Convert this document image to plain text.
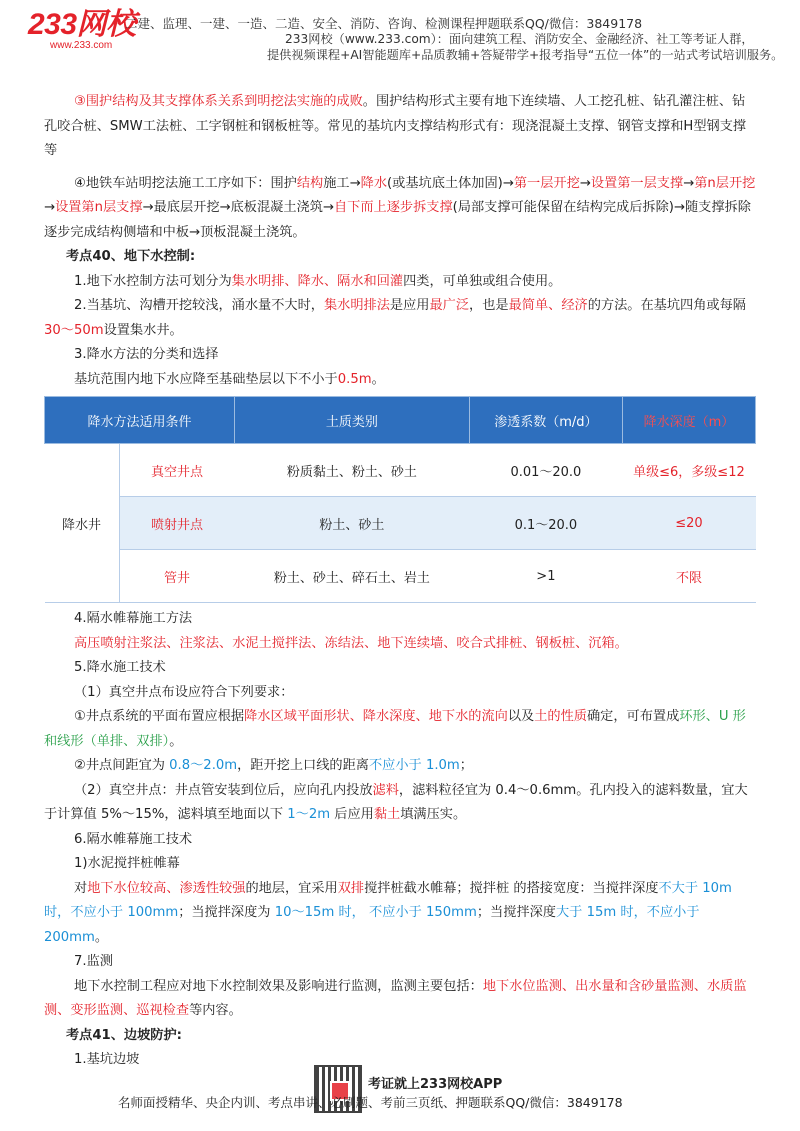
233网校
www.233.com
二建、监理、一建、一造、二造、安全、消防、咨询、检测课程押题联系QQ/微信：3849178
233网校（www.233.com）：面向建筑工程、消防安全、金融经济、社工等考证人群，
提供视频课程+AI智能题库+品质教辅+答疑带学+报考指导“五位一体”的一站式考试培训服务。

③围护结构及其支撑体系关系到明挖法实施的成败。围护结构形式主要有地下连续墙、人工挖孔桩、钻孔灌注桩、钻孔咬合桩、SMW工法桩、工字钢桩和钢板桩等。常见的基坑内支撑结构形式有：现浇混凝土支撑、钢管支撑和H型钢支撑等

④地铁车站明挖法施工工序如下：围护结构施工→降水(或基坑底土体加固)→第一层开挖→设置第一层支撑→第n层开挖→设置第n层支撑→最底层开挖→底板混凝土浇筑→自下而上逐步拆支撑(局部支撑可能保留在结构完成后拆除)→随支撑拆除逐步完成结构侧墙和中板→顶板混凝土浇筑。

考点40、地下水控制:

1.地下水控制方法可划分为集水明排、降水、隔水和回灌四类，可单独或组合使用。

2.当基坑、沟槽开挖较浅，涌水量不大时，集水明排法是应用最广泛，也是最简单、经济的方法。在基坑四角或每隔30～50m设置集水井。

3.降水方法的分类和选择

基坑范围内地下水应降至基础垫层以下不小于0.5m。

降水方法适用条件		土质类别	渗透系数（m/d）	降水深度（m）
降水井	真空井点	粉质黏土、粉土、砂土	0.01～20.0	单级≤6，多级≤12
	喷射井点	粉土、砂土	0.1～20.0	≤20
	管井	粉土、砂土、碎石土、岩土	>1	不限

4.隔水帷幕施工方法

高压喷射注浆法、注浆法、水泥土搅拌法、冻结法、地下连续墙、咬合式排桩、钢板桩、沉箱。

5.降水施工技术

（1）真空井点布设应符合下列要求：

①井点系统的平面布置应根据降水区域平面形状、降水深度、地下水的流向以及土的性质确定，可布置成环形、U 形和线形（单排、双排）。

②井点间距宜为 0.8～2.0m，距开挖上口线的距离不应小于 1.0m；

（2）真空井点：井点管安装到位后，应向孔内投放滤料，滤料粒径宜为 0.4～0.6mm。孔内投入的滤料数量，宜大于计算值 5%～15%，滤料填至地面以下 1～2m 后应用黏土填满压实。

6.隔水帷幕施工技术

1)水泥搅拌桩帷幕

对地下水位较高、渗透性较强的地层，宜采用双排搅拌桩截水帷幕；搅拌桩 的搭接宽度：当搅拌深度不大于 10m 时，不应小于 100mm；当搅拌深度为 10～15m 时， 不应小于 150mm；当搅拌深度大于 15m 时，不应小于 200mm。

7.监测

地下水控制工程应对地下水控制效果及影响进行监测，监测主要包括：地下水位监测、出水量和含砂量监测、水质监测、变形监测、巡视检查等内容。

考点41、边坡防护:

1.基坑边坡

考证就上233网校APP
名师面授精华、央企内训、考点串讲、必刷题、考前三页纸、押题联系QQ/微信：3849178
